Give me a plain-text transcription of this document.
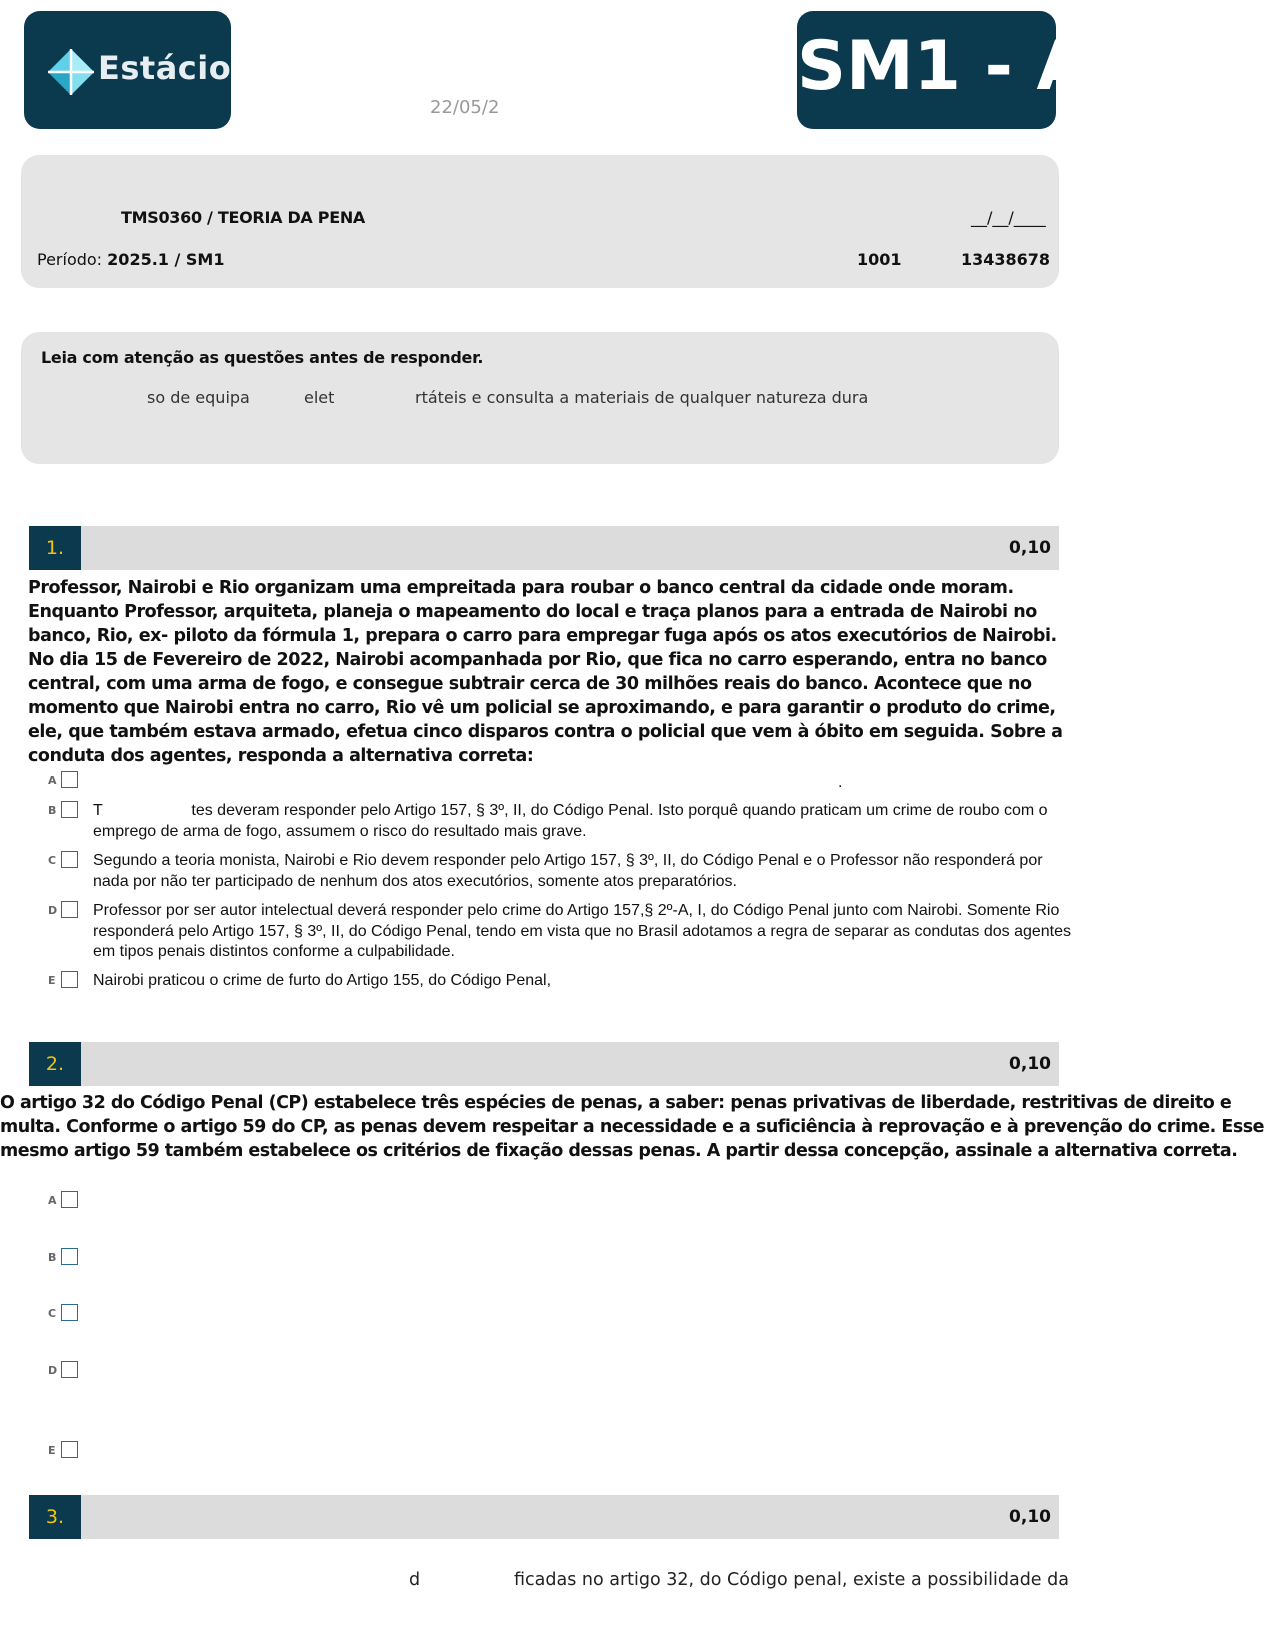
Estácio
22/05/2
SM1 - A
TMS0360 / TEORIA DA PENA	__/__/____
Período: 2025.1 / SM1	1001	13438678
Leia com atenção as questões antes de responder.
so de equipa	elet	rtáteis e consulta a materiais de qualquer natureza dura
1.	0,10
Professor, Nairobi e Rio organizam uma empreitada para roubar o banco central da cidade onde moram. Enquanto Professor, arquiteta, planeja o mapeamento do local e traça planos para a entrada de Nairobi no banco, Rio, ex- piloto da fórmula 1, prepara o carro para empregar fuga após os atos executórios de Nairobi. No dia 15 de Fevereiro de 2022, Nairobi acompanhada por Rio, que fica no carro esperando, entra no banco central, com uma arma de fogo, e consegue subtrair cerca de 30 milhões reais do banco. Acontece que no momento que Nairobi entra no carro, Rio vê um policial se aproximando, e para garantir o produto do crime, ele, que também estava armado, efetua cinco disparos contra o policial que vem à óbito em seguida. Sobre a conduta dos agentes, responda a alternativa correta:
A	.
B T                    tes deveram responder pelo Artigo 157, § 3º, II, do Código Penal. Isto porquê quando praticam um crime de roubo com o emprego de arma de fogo, assumem o risco do resultado mais grave.
C Segundo a teoria monista, Nairobi e Rio devem responder pelo Artigo 157, § 3º, II, do Código Penal e o Professor não responderá por nada por não ter participado de nenhum dos atos executórios, somente atos preparatórios.
D Professor por ser autor intelectual deverá responder pelo crime do Artigo 157,§ 2º-A, I, do Código Penal junto com Nairobi. Somente Rio responderá pelo Artigo 157, § 3º, II, do Código Penal, tendo em vista que no Brasil adotamos a regra de separar as condutas dos agentes em tipos penais distintos conforme a culpabilidade.
E Nairobi praticou o crime de furto do Artigo 155, do Código Penal,
2.	0,10
O artigo 32 do Código Penal (CP) estabelece três espécies de penas, a saber: penas privativas de liberdade, restritivas de direito e
multa. Conforme o artigo 59 do CP, as penas devem respeitar a necessidade e a suficiência à reprovação e à prevenção do crime. Esse
mesmo artigo 59 também estabelece os critérios de fixação dessas penas. A partir dessa concepção, assinale a alternativa correta.
A
B
C
D
E
3.	0,10
d	ficadas no artigo 32, do Código penal, existe a possibilidade da
